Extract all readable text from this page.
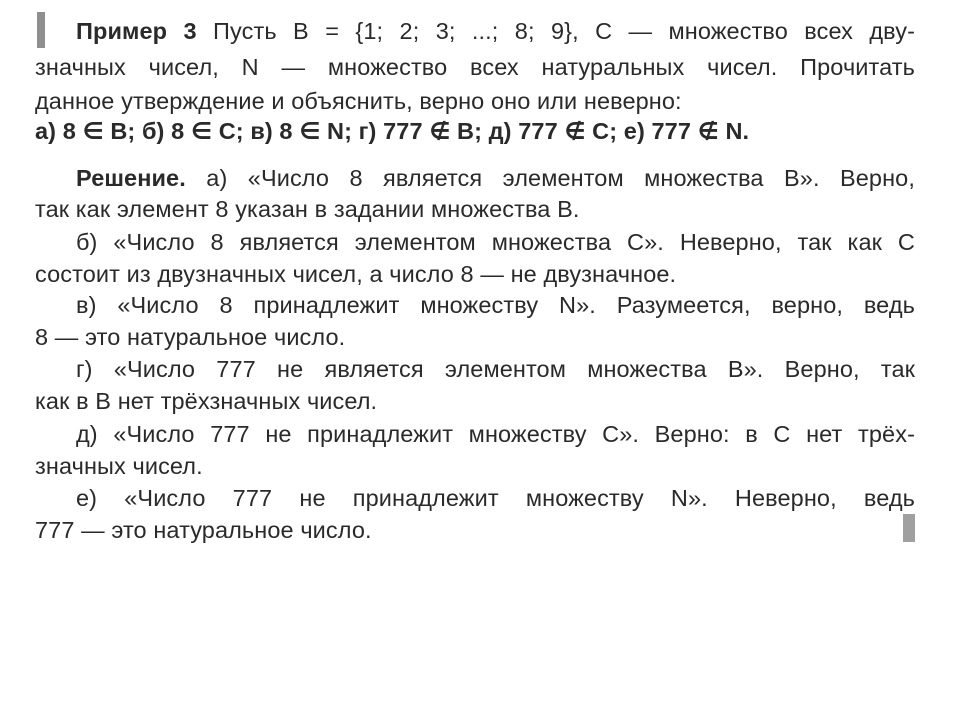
Пример 3 Пусть B = {1; 2; 3; ...; 8; 9}, C — множество всех дву-
значных чисел, N — множество всех натуральных чисел. Прочитать
данное утверждение и объяснить, верно оно или неверно:
а) 8 ∈ B; б) 8 ∈ C; в) 8 ∈ N; г) 777 ∉ B; д) 777 ∉ C; е) 777 ∉ N.
Решение. а) «Число 8 является элементом множества B». Верно,
так как элемент 8 указан в задании множества B.
б) «Число 8 является элементом множества C». Неверно, так как C
состоит из двузначных чисел, а число 8 — не двузначное.
в) «Число 8 принадлежит множеству N». Разумеется, верно, ведь
8 — это натуральное число.
г) «Число 777 не является элементом множества B». Верно, так
как в B нет трёхзначных чисел.
д) «Число 777 не принадлежит множеству C». Верно: в C нет трёх-
значных чисел.
е) «Число 777 не принадлежит множеству N». Неверно, ведь
777 — это натуральное число.
